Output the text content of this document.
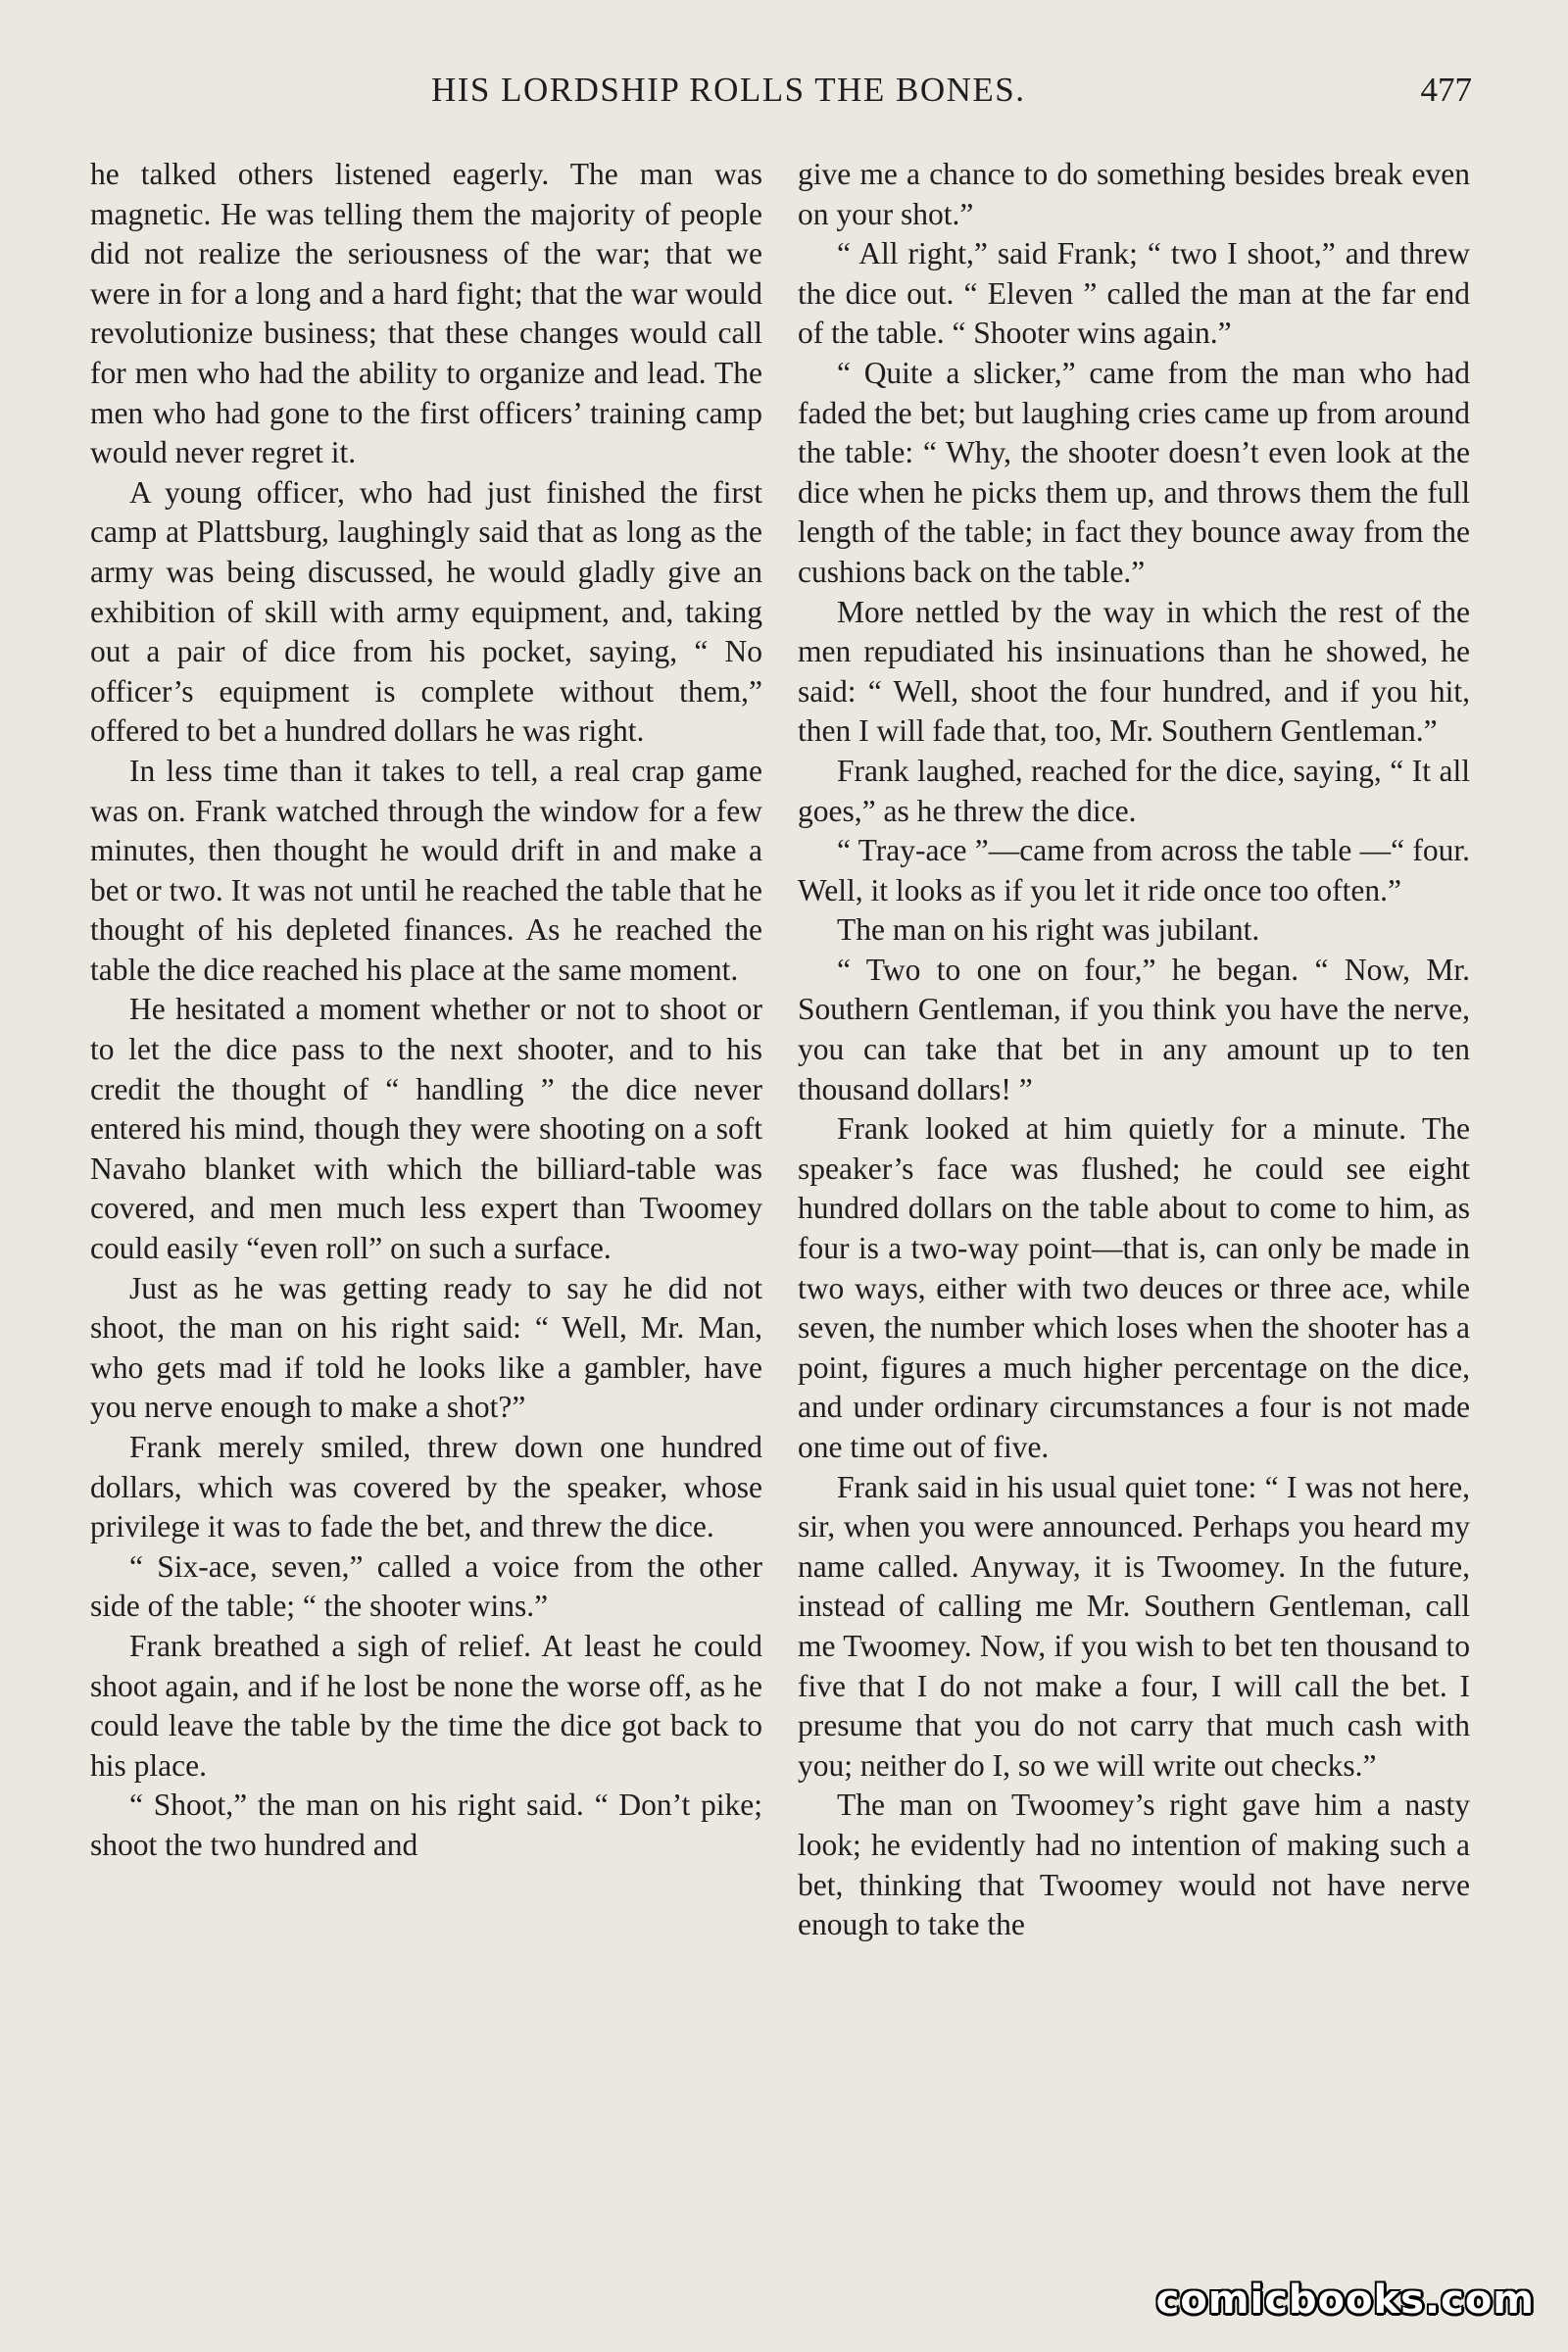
HIS LORDSHIP ROLLS THE BONES.	477

he talked others listened eagerly. The man was magnetic. He was telling them the majority of people did not realize the seriousness of the war; that we were in for a long and a hard fight; that the war would revolutionize business; that these changes would call for men who had the ability to organize and lead. The men who had gone to the first officers’ training camp would never regret it.

A young officer, who had just finished the first camp at Plattsburg, laughingly said that as long as the army was being discussed, he would gladly give an exhibition of skill with army equipment, and, taking out a pair of dice from his pocket, saying, “ No officer’s equipment is complete without them,” offered to bet a hundred dollars he was right.

In less time than it takes to tell, a real crap game was on. Frank watched through the window for a few minutes, then thought he would drift in and make a bet or two. It was not until he reached the table that he thought of his depleted finances. As he reached the table the dice reached his place at the same moment.

He hesitated a moment whether or not to shoot or to let the dice pass to the next shooter, and to his credit the thought of “ handling ” the dice never entered his mind, though they were shooting on a soft Navaho blanket with which the billiard-table was covered, and men much less expert than Twoomey could easily “even roll” on such a surface.

Just as he was getting ready to say he did not shoot, the man on his right said: “ Well, Mr. Man, who gets mad if told he looks like a gambler, have you nerve enough to make a shot?”

Frank merely smiled, threw down one hundred dollars, which was covered by the speaker, whose privilege it was to fade the bet, and threw the dice.

“ Six-ace, seven,” called a voice from the other side of the table; “ the shooter wins.”

Frank breathed a sigh of relief. At least he could shoot again, and if he lost be none the worse off, as he could leave the table by the time the dice got back to his place.

“ Shoot,” the man on his right said. “ Don’t pike; shoot the two hundred and

give me a chance to do something besides break even on your shot.”

“ All right,” said Frank; “ two I shoot,” and threw the dice out. “ Eleven ” called the man at the far end of the table. “ Shooter wins again.”

“ Quite a slicker,” came from the man who had faded the bet; but laughing cries came up from around the table: “ Why, the shooter doesn’t even look at the dice when he picks them up, and throws them the full length of the table; in fact they bounce away from the cushions back on the table.”

More nettled by the way in which the rest of the men repudiated his insinuations than he showed, he said: “ Well, shoot the four hundred, and if you hit, then I will fade that, too, Mr. Southern Gentleman.”

Frank laughed, reached for the dice, saying, “ It all goes,” as he threw the dice.

“ Tray-ace ”—came from across the table —“ four. Well, it looks as if you let it ride once too often.”

The man on his right was jubilant.

“ Two to one on four,” he began. “ Now, Mr. Southern Gentleman, if you think you have the nerve, you can take that bet in any amount up to ten thousand dollars! ”

Frank looked at him quietly for a minute. The speaker’s face was flushed; he could see eight hundred dollars on the table about to come to him, as four is a two-way point—that is, can only be made in two ways, either with two deuces or three ace, while seven, the number which loses when the shooter has a point, figures a much higher percentage on the dice, and under ordinary circumstances a four is not made one time out of five.

Frank said in his usual quiet tone: “ I was not here, sir, when you were announced. Perhaps you heard my name called. Anyway, it is Twoomey. In the future, instead of calling me Mr. Southern Gentleman, call me Twoomey. Now, if you wish to bet ten thousand to five that I do not make a four, I will call the bet. I presume that you do not carry that much cash with you; neither do I, so we will write out checks.”

The man on Twoomey’s right gave him a nasty look; he evidently had no intention of making such a bet, thinking that Twoomey would not have nerve enough to take the

comicbooks.com
